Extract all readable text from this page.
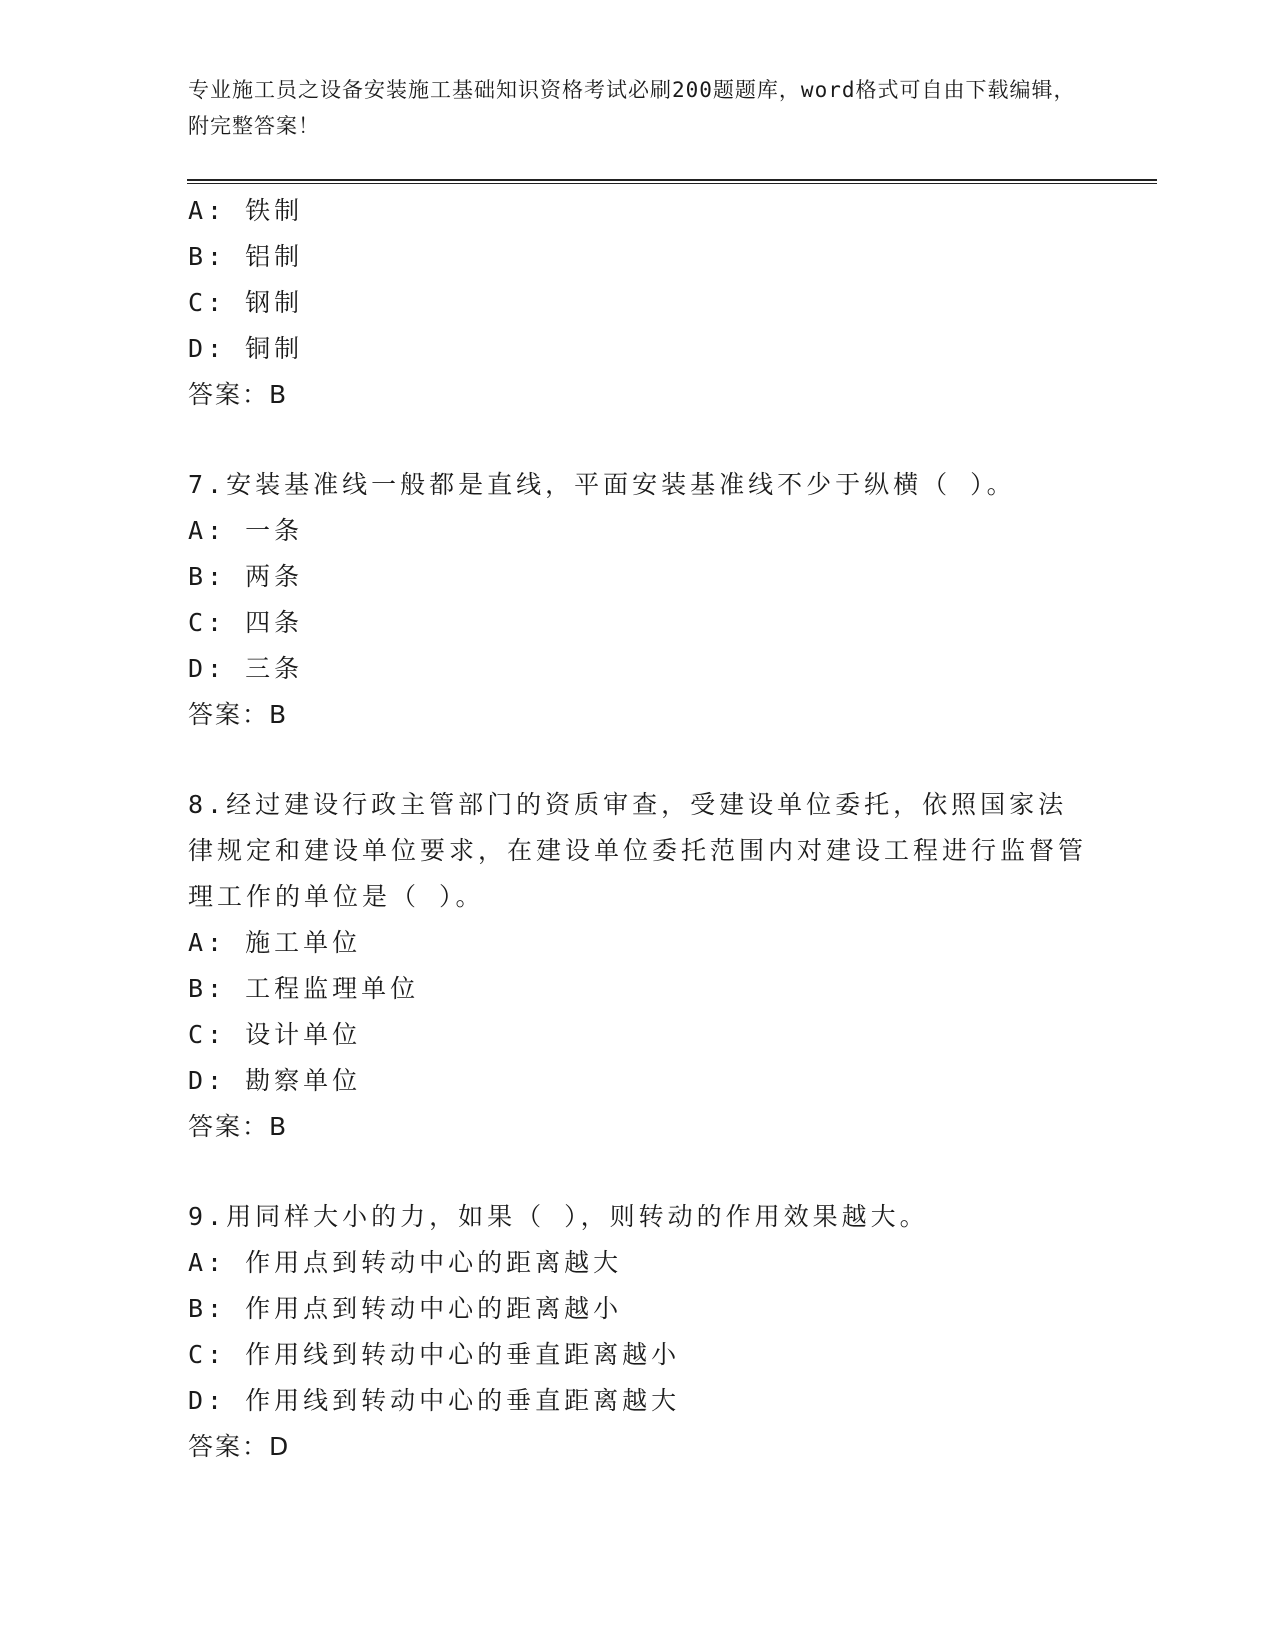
专业施工员之设备安装施工基础知识资格考试必刷200题题库，word格式可自由下载编辑，附完整答案！
A: 铁制
B: 铝制
C: 钢制
D: 铜制
答案：B
7.安装基准线一般都是直线，平面安装基准线不少于纵横（ ）。
A: 一条
B: 两条
C: 四条
D: 三条
答案：B
8.经过建设行政主管部门的资质审查，受建设单位委托，依照国家法律规定和建设单位要求，在建设单位委托范围内对建设工程进行监督管理工作的单位是（ ）。
A: 施工单位
B: 工程监理单位
C: 设计单位
D: 勘察单位
答案：B
9.用同样大小的力，如果（ ），则转动的作用效果越大。
A: 作用点到转动中心的距离越大
B: 作用点到转动中心的距离越小
C: 作用线到转动中心的垂直距离越小
D: 作用线到转动中心的垂直距离越大
答案：D
